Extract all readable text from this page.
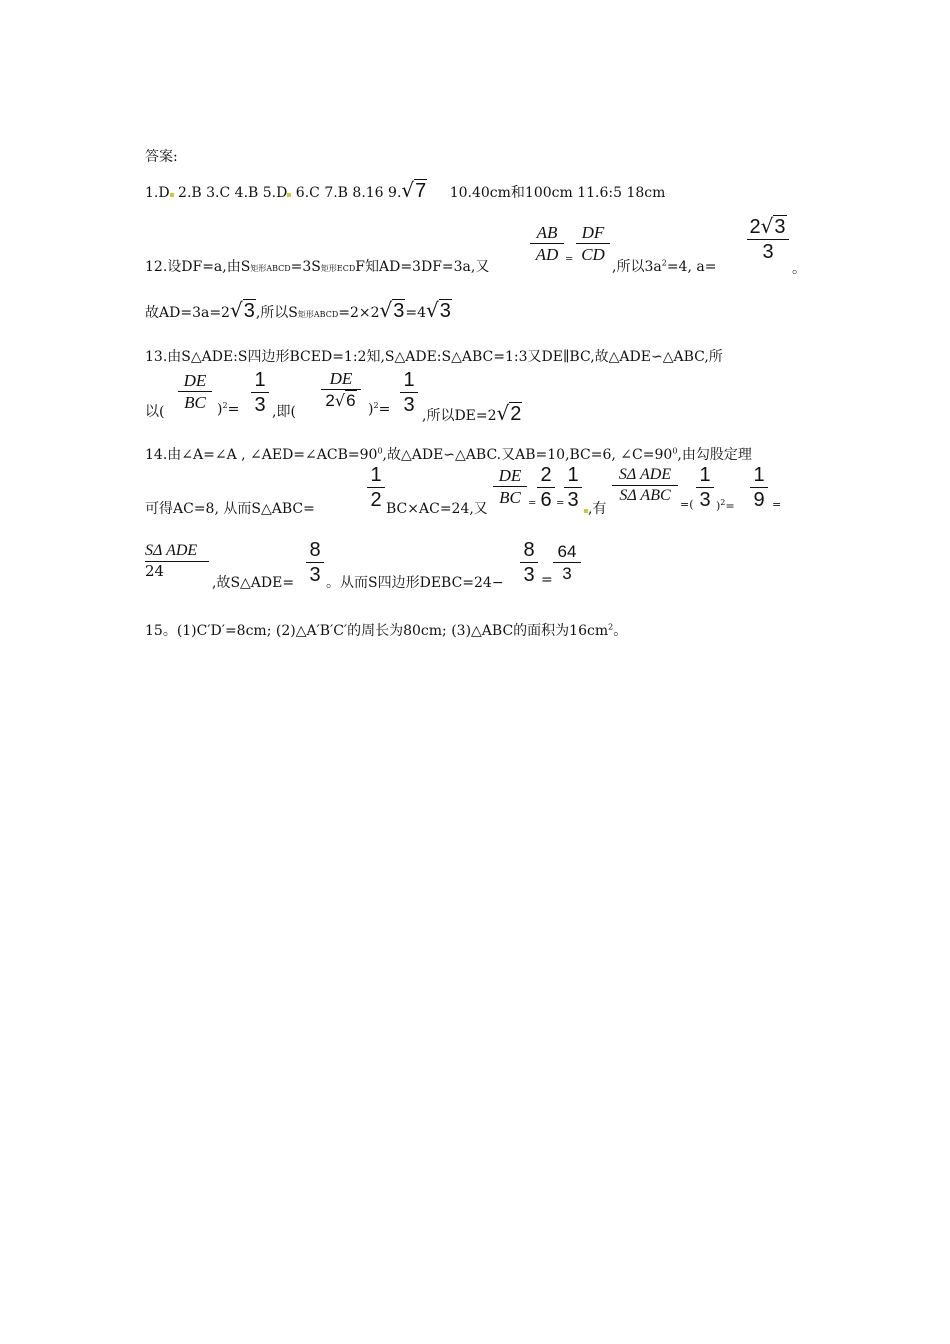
答案:
1.D 2.B 3.C 4.B 5.D 6.C 7.B 8.16 9.√7 10.40cm和100cm 11.6:5 18cm
12.设DF=a,由S矩形ABCD=3S矩形ECDF知AD=3DF=3a,又
AB
AD =
DF
CD
,所以$3a^2=4$, a=
2√3
3
。
故AD=3a=2√3,所以S矩形ABCD=2×2√3=4√3
13.由S△ADE:S四边形BCED=1:2知,S△ADE:S△ABC=1:3又DE∥BC,故△ADE∽△ABC,所
以(
DE
BC )$^2$=
1
3 ,即(
DE
2√6 )$^2$=
1
3 ,所以DE=2√2
14.由∠A=∠A , $\angle AED=\angle ACB=90^0$,故△ADE∽△ABC.又AB=10,BC=6, $\angle C=90^0$,由勾股定理
可得AC=8, 从而S△ABC=
1
2 BC×AC=24,又
DE
BC =
2
6 =
1
3 ,有
SΔ ADE
SΔ ABC
=(
1
3 )$^2$=
1
9 =
SΔ ADE
24
,故S△ADE=
8
3 。从而S四边形DEBC=24−
8
3 =
64
3
15。(1)C′D′=8cm; (2)△A′B′C′的周长为80cm; (3)△ABC的面积为$16cm^2$。
